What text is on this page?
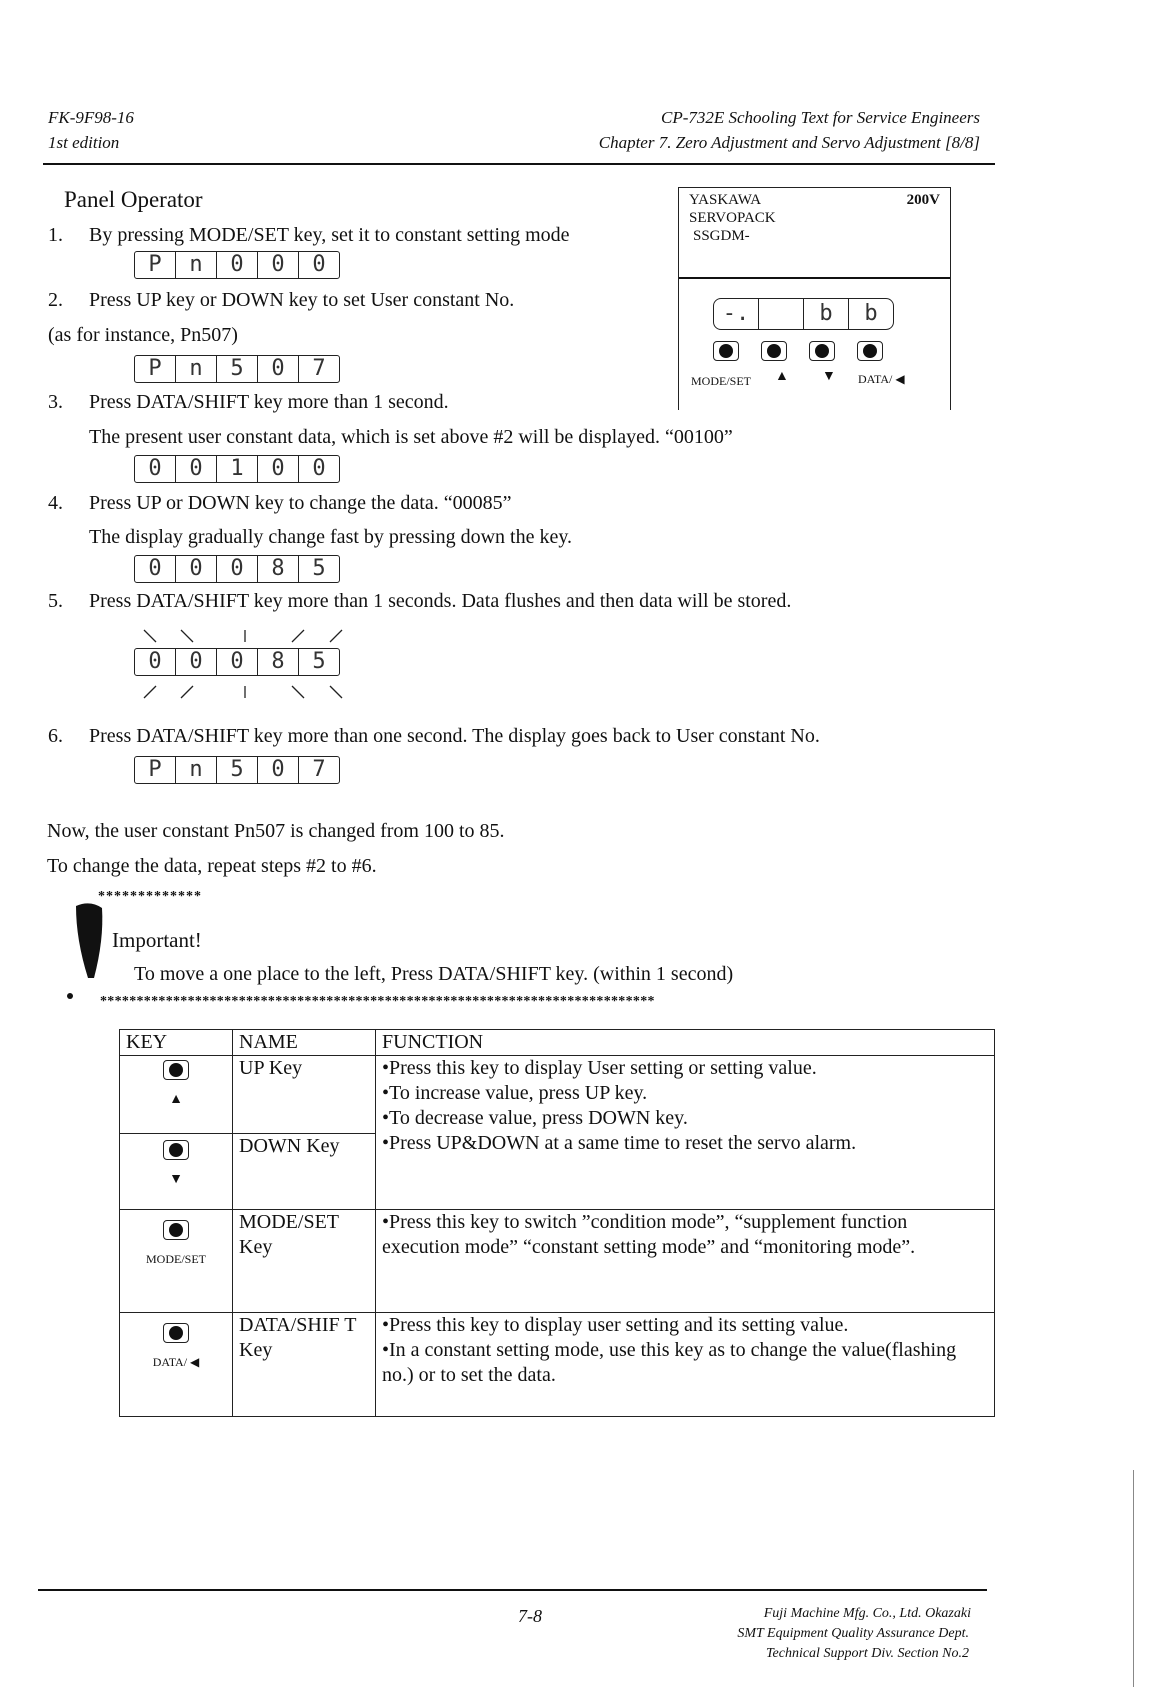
FK-9F98-16
1st edition
CP-732E Schooling Text for Service Engineers
Chapter 7. Zero Adjustment and Servo Adjustment [8/8]
Panel Operator
1. By pressing MODE/SET key, set it to constant setting mode
P	n	0	0	0
2. Press UP key or DOWN key to set User constant No.
(as for instance, Pn507)
P	n	5	0	7
3. Press DATA/SHIFT key more than 1 second.
The present user constant data, which is set above #2 will be displayed. “00100”
0	0	1	0	0
4. Press UP or DOWN key to change the data. “00085”
The display gradually change fast by pressing down the key.
0	0	0	8	5
5. Press DATA/SHIFT key more than 1 seconds. Data flushes and then data will be stored.
0	0	0	8	5
6. Press DATA/SHIFT key more than one second. The display goes back to User constant No.
P	n	5	0	7
YASKAWA	200V
SERVOPACK
SSGDM-
-.	b	b
MODE/SET ▲ ▼ DATA/ ◀
Now, the user constant Pn507 is changed from 100 to 85.
To change the data, repeat steps #2 to #6.
*************
Important!
To move a one place to the left, Press DATA/SHIFT key. (within 1 second)
****************************************************************************
KEY	NAME	FUNCTION

▲	UP Key	•Press this key to display User setting or setting value.
•To increase value, press UP key.
•To decrease value, press DOWN key.
•Press UP&DOWN at a same time to reset the servo alarm.

▼	DOWN Key	

MODE/SET	MODE/SET Key	•Press this key to switch ”condition mode”, “supplement function execution mode” “constant setting mode” and “monitoring mode”.

DATA/ ◀	DATA/SHIF T Key	•Press this key to display user setting and its setting value.
•In a constant setting mode, use this key as to change the value(flashing no.) or to set the data.
7-8	Fuji Machine Mfg. Co., Ltd. Okazaki
SMT Equipment Quality Assurance Dept.
Technical Support Div. Section No.2
